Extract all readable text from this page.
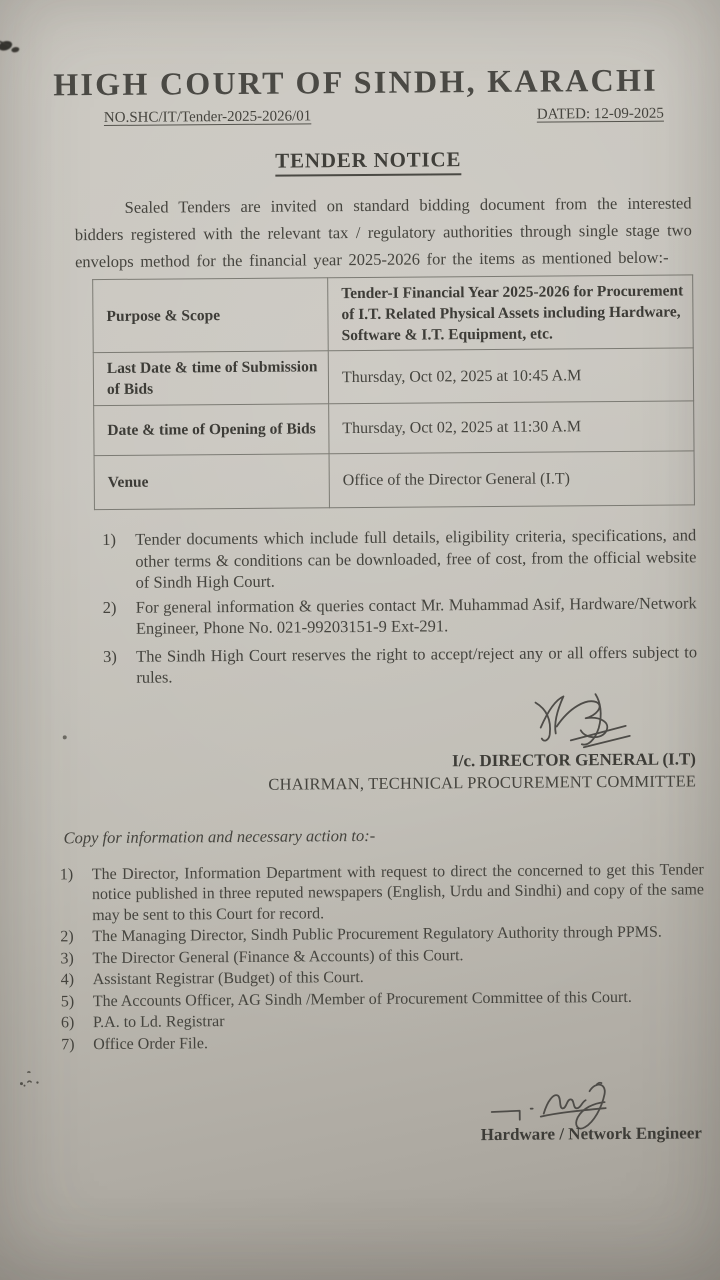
HIGH COURT OF SINDH, KARACHI
NO.SHC/IT/Tender-2025-2026/01	DATED: 12-09-2025
TENDER NOTICE

Sealed Tenders are invited on standard bidding document from the interested bidders registered with the relevant tax / regulatory authorities through single stage two envelops method for the financial year 2025-2026 for the items as mentioned below:-

Purpose & Scope	Tender-I Financial Year 2025-2026 for Procurement of I.T. Related Physical Assets including Hardware, Software & I.T. Equipment, etc.
Last Date & time of Submission of Bids	Thursday, Oct 02, 2025 at 10:45 A.M
Date & time of Opening of Bids	Thursday, Oct 02, 2025 at 11:30 A.M
Venue	Office of the Director General (I.T)
1)	Tender documents which include full details, eligibility criteria, specifications, and other terms & conditions can be downloaded, free of cost, from the official website of Sindh High Court.
2)	For general information & queries contact Mr. Muhammad Asif, Hardware/Network Engineer, Phone No. 021-99203151-9 Ext-291.
3)	The Sindh High Court reserves the right to accept/reject any or all offers subject to rules.
I/c. DIRECTOR GENERAL (I.T)
CHAIRMAN, TECHNICAL PROCUREMENT COMMITTEE
Copy for information and necessary action to:-
1)	The Director, Information Department with request to direct the concerned to get this Tender notice published in three reputed newspapers (English, Urdu and Sindhi) and copy of the same may be sent to this Court for record.
2)	The Managing Director, Sindh Public Procurement Regulatory Authority through PPMS.
3)	The Director General (Finance & Accounts) of this Court.
4)	Assistant Registrar (Budget) of this Court.
5)	The Accounts Officer, AG Sindh /Member of Procurement Committee of this Court.
6)	P.A. to Ld. Registrar
7)	Office Order File.
Hardware / Network Engineer
